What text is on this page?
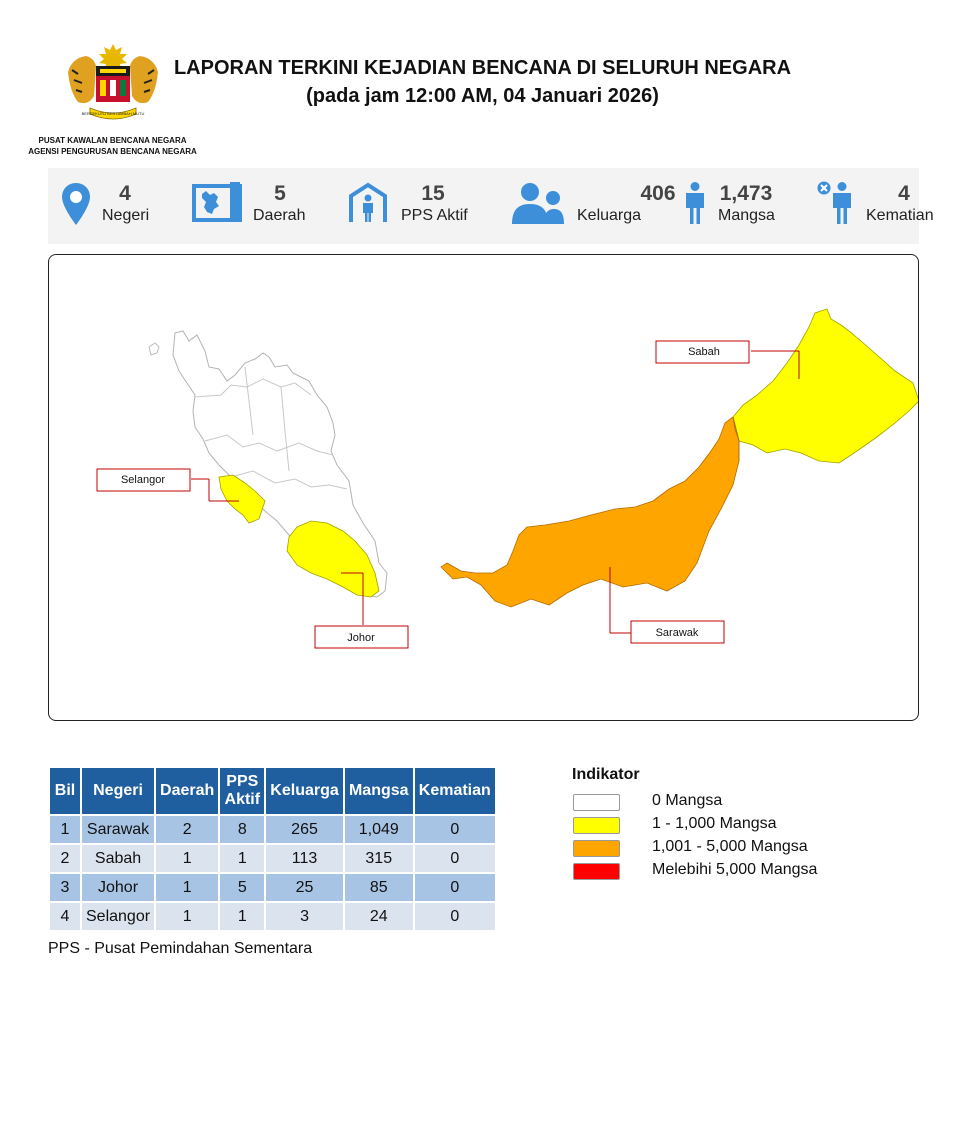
BERSEKUTU BERTAMBAH MUTU
PUSAT KAWALAN BENCANA NEGARA
AGENSI PENGURUSAN BENCANA NEGARA
LAPORAN TERKINI KEJADIAN BENCANA DI SELURUH NEGARA
(pada jam 12:00 AM, 04 Januari 2026)
4
Negeri
5
Daerah
15
PPS Aktif
406
Keluarga
1,473
Mangsa
4
Kematian
Sabah
Selangor
Johor	Sarawak
Bil	Negeri	Daerah	PPS Aktif	Keluarga	Mangsa	Kematian
1	Sarawak	2	8	265	1,049	0
2	Sabah	1	1	113	315	0
3	Johor	1	5	25	85	0
4	Selangor	1	1	3	24	0
PPS - Pusat Pemindahan Sementara
Indikator
0 Mangsa
1 - 1,000 Mangsa
1,001 - 5,000 Mangsa
Melebihi 5,000 Mangsa
